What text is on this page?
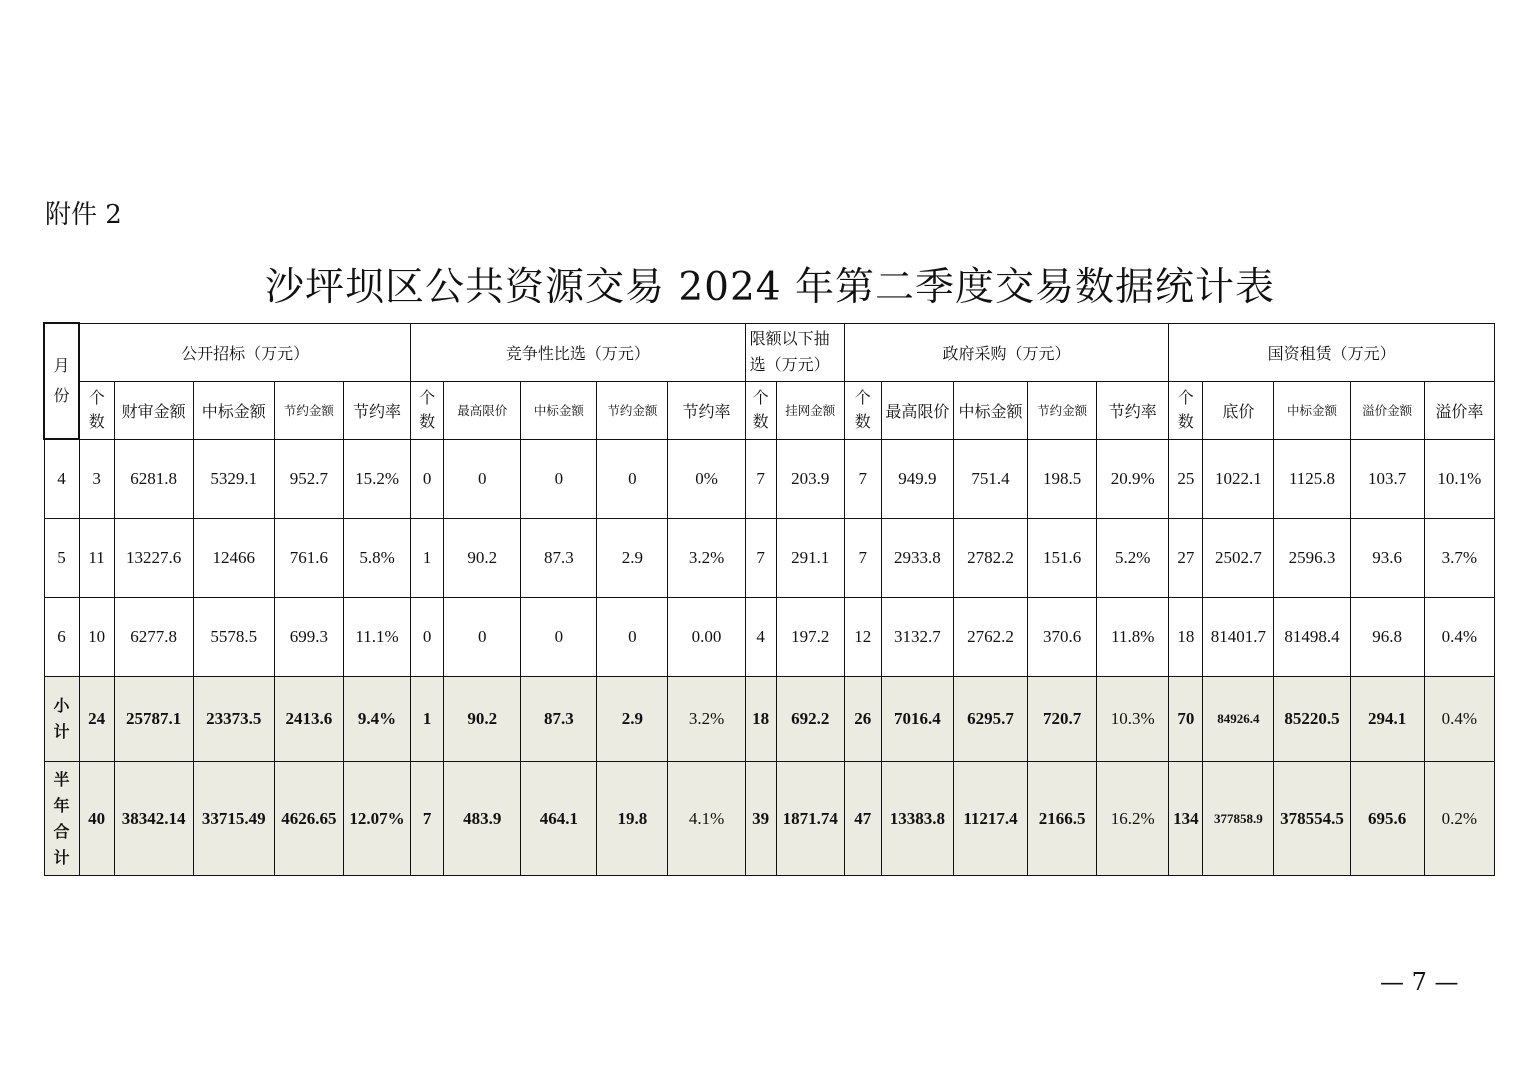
附件 2
沙坪坝区公共资源交易 2024 年第二季度交易数据统计表
月份	公开招标（万元）					竞争性比选（万元）					限额以下抽选（万元）		政府采购（万元）					国资租赁（万元）				
	个数	财审金额	中标金额	节约金额	节约率	个数	最高限价	中标金额	节约金额	节约率	个数	挂网金额	个数	最高限价	中标金额	节约金额	节约率	个数	底价	中标金额	溢价金额	溢价率
4	3	6281.8	5329.1	952.7	15.2%	0	0	0	0	0%	7	203.9	7	949.9	751.4	198.5	20.9%	25	1022.1	1125.8	103.7	10.1%
5	11	13227.6	12466	761.6	5.8%	1	90.2	87.3	2.9	3.2%	7	291.1	7	2933.8	2782.2	151.6	5.2%	27	2502.7	2596.3	93.6	3.7%
6	10	6277.8	5578.5	699.3	11.1%	0	0	0	0	0.00	4	197.2	12	3132.7	2762.2	370.6	11.8%	18	81401.7	81498.4	96.8	0.4%
小计	24	25787.1	23373.5	2413.6	9.4%	1	90.2	87.3	2.9	3.2%	18	692.2	26	7016.4	6295.7	720.7	10.3%	70	84926.4	85220.5	294.1	0.4%
半年合计	40	38342.14	33715.49	4626.65	12.07%	7	483.9	464.1	19.8	4.1%	39	1871.74	47	13383.8	11217.4	2166.5	16.2%	134	377858.9	378554.5	695.6	0.2%
— 7 —
